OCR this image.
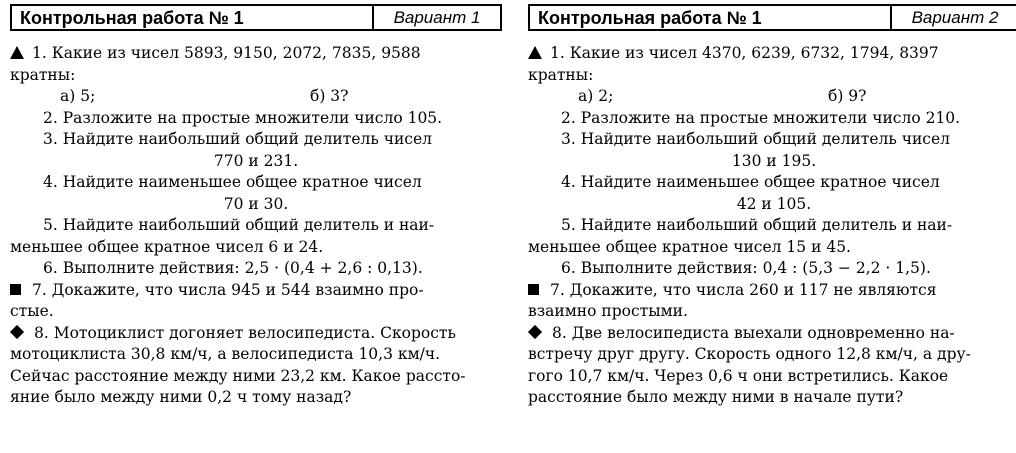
Контрольная работа № 1	Вариант 1
1. Какие из чисел 5893, 9150, 2072, 7835, 9588
кратны:
а) 5;	б) 3?
2. Разложите на простые множители число 105.
3. Найдите наибольший общий делитель чисел
770 и 231.
4. Найдите наименьшее общее кратное чисел
70 и 30.
5. Найдите наибольший общий делитель и наи-
меньшее общее кратное чисел 6 и 24.
6. Выполните действия: 2,5 · (0,4 + 2,6 : 0,13).
7. Докажите, что числа 945 и 544 взаимно про-
стые.
8. Мотоциклист догоняет велосипедиста. Скорость
мотоциклиста 30,8 км/ч, а велосипедиста 10,3 км/ч.
Сейчас расстояние между ними 23,2 км. Какое рассто-
яние было между ними 0,2 ч тому назад?
Контрольная работа № 1	Вариант 2
1. Какие из чисел 4370, 6239, 6732, 1794, 8397
кратны:
а) 2;	б) 9?
2. Разложите на простые множители число 210.
3. Найдите наибольший общий делитель чисел
130 и 195.
4. Найдите наименьшее общее кратное чисел
42 и 105.
5. Найдите наибольший общий делитель и наи-
меньшее общее кратное чисел 15 и 45.
6. Выполните действия: 0,4 : (5,3 − 2,2 · 1,5).
7. Докажите, что числа 260 и 117 не являются
взаимно простыми.
8. Две велосипедиста выехали одновременно на-
встречу друг другу. Скорость одного 12,8 км/ч, а дру-
гого 10,7 км/ч. Через 0,6 ч они встретились. Какое
расстояние было между ними в начале пути?
